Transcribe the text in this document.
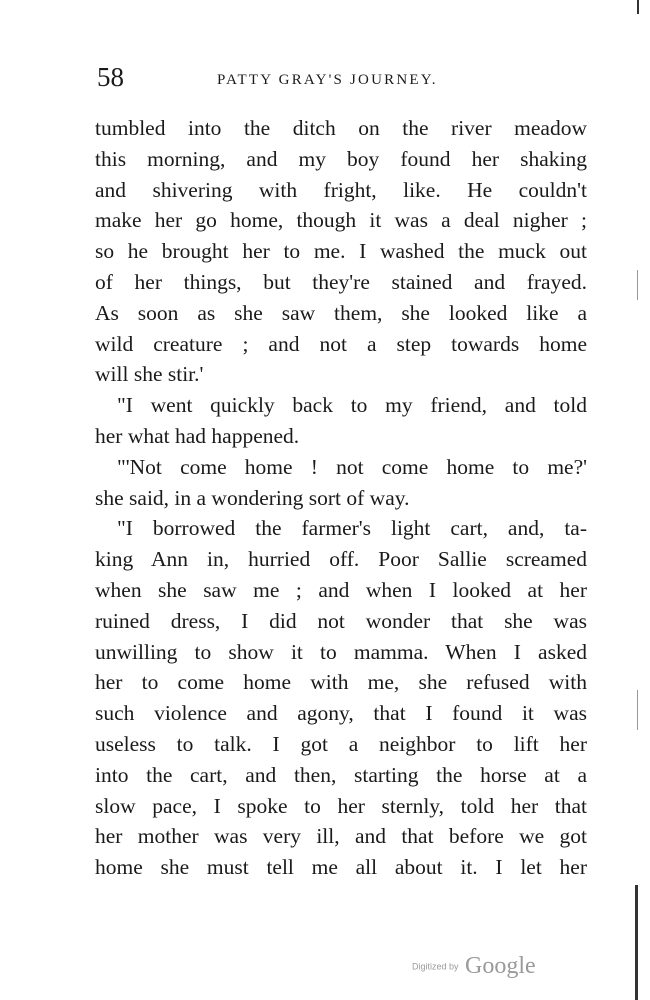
58	PATTY GRAY'S JOURNEY.
tumbled into the ditch on the river meadow
this morning, and my boy found her shaking
and shivering with fright, like. He couldn't
make her go home, though it was a deal nigher ;
so he brought her to me. I washed the muck out
of her things, but they're stained and frayed.
As soon as she saw them, she looked like a
wild creature ; and not a step towards home
will she stir.'
"I went quickly back to my friend, and told
her what had happened.
"'Not come home ! not come home to me?'
she said, in a wondering sort of way.
"I borrowed the farmer's light cart, and, ta-
king Ann in, hurried off. Poor Sallie screamed
when she saw me ; and when I looked at her
ruined dress, I did not wonder that she was
unwilling to show it to mamma. When I asked
her to come home with me, she refused with
such violence and agony, that I found it was
useless to talk. I got a neighbor to lift her
into the cart, and then, starting the horse at a
slow pace, I spoke to her sternly, told her that
her mother was very ill, and that before we got
home she must tell me all about it. I let her
Digitized by Google
